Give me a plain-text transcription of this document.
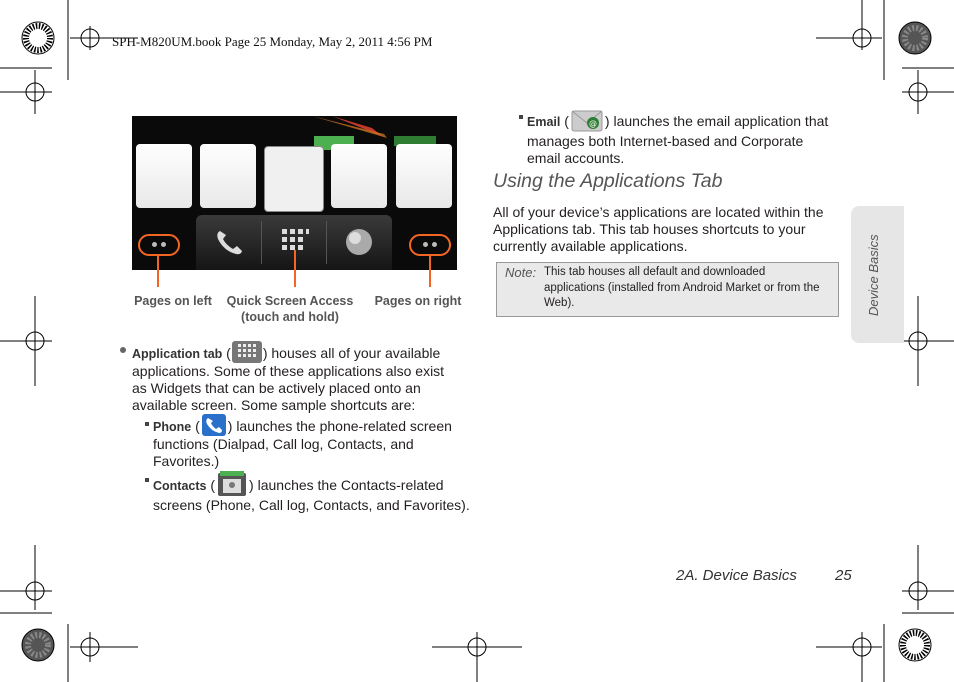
SPH-M820UM.book Page 25 Monday, May 2, 2011 4:56 PM
Pages on left	Quick Screen Access
(touch and hold)
Pages on right
Application tab ( ) houses all of your available
applications. Some of these applications also exist
as Widgets that can be actively placed onto an
available screen. Some sample shortcuts are:
Phone ( ) launches the phone-related screen
functions (Dialpad, Call log, Contacts, and
Favorites.)
Contacts ( ) launches the Contacts-related
screens (Phone, Call log, Contacts, and Favorites).
Email (	@ ) launches the email application that
manages both Internet-based and Corporate
email accounts.
Using the Applications Tab
All of your device’s applications are located within the
Applications tab. This tab houses shortcuts to your
currently available applications.
Note: This tab houses all default and downloaded
applications (installed from Android Market or from the
Web).	Device Basics
2A. Device Basics	25
